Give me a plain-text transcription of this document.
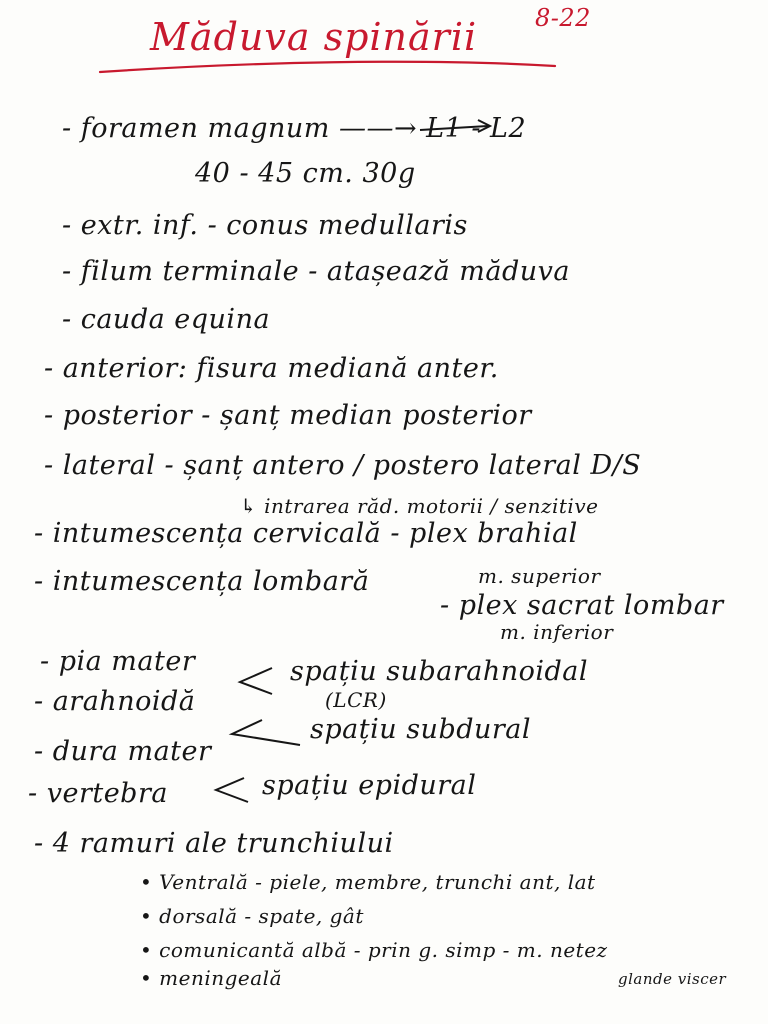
Măduva spinării 8-22
- foramen magnum ——→ L1 - L2
40 - 45 cm. 30g
- extr. inf. - conus medullaris
- filum terminale - atașează măduva
- cauda equina
- anterior: fisura mediană anter.
- posterior - șanț median posterior
- lateral - șanț antero / postero lateral D/S
↳ intrarea răd. motorii / senzitive
- intumescența cervicală - plex brahial
- intumescența lombară	m. superior
- plex sacrat lombar
m. inferior
- pia mater	spațiu subarahnoidal
- arahnoidă	(LCR)
spațiu subdural
- dura mater
- vertebra	spațiu epidural
- 4 ramuri ale trunchiului
• Ventrală - piele, membre, trunchi ant, lat
• dorsală - spate, gât
• comunicantă albă - prin g. simp - m. netez
glande viscer
• meningeală
